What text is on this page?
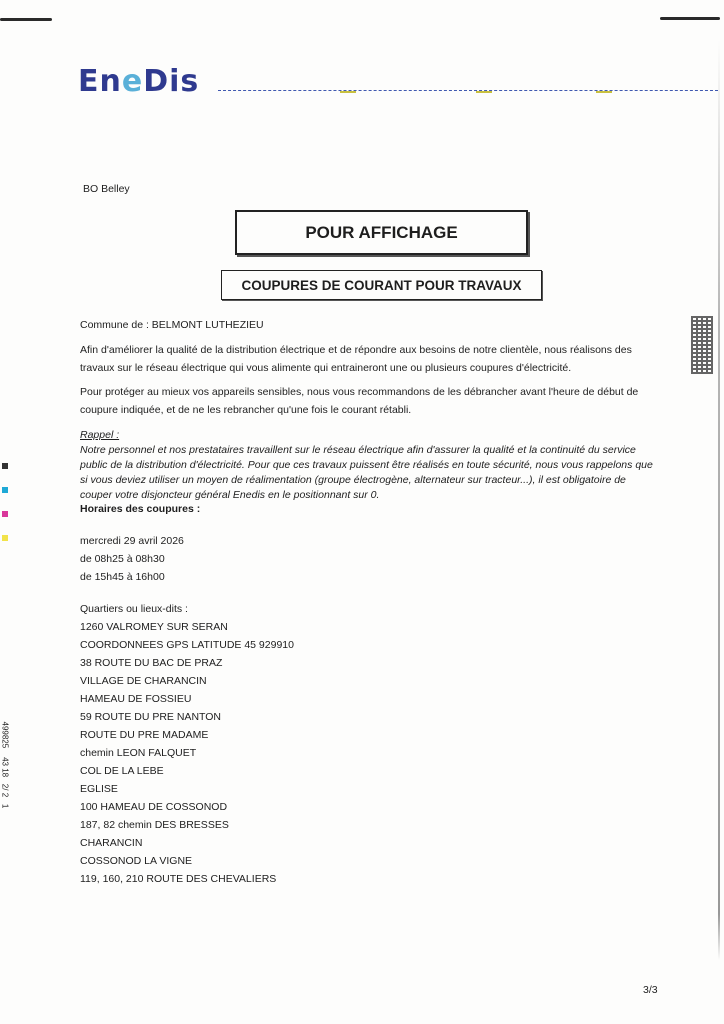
EneDis
BO Belley
POUR AFFICHAGE
COUPURES DE COURANT POUR TRAVAUX
Commune de : BELMONT LUTHEZIEU
Afin d'améliorer la qualité de la distribution électrique et de répondre aux besoins de notre clientèle, nous réalisons des travaux sur le réseau électrique qui vous alimente qui entraineront une ou plusieurs coupures d'électricité.
Pour protéger au mieux vos appareils sensibles, nous vous recommandons de les débrancher avant l'heure de début de coupure indiquée, et de ne les rebrancher qu'une fois le courant rétabli.
Rappel :
Notre personnel et nos prestataires travaillent sur le réseau électrique afin d'assurer la qualité et la continuité du service public de la distribution d'électricité. Pour que ces travaux puissent être réalisés en toute sécurité, nous vous rappelons que si vous deviez utiliser un moyen de réalimentation (groupe électrogène, alternateur sur tracteur...), il est obligatoire de couper votre disjoncteur général Enedis en le positionnant sur 0.
Horaires des coupures :
mercredi 29 avril 2026
de 08h25 à 08h30
de 15h45 à 16h00
Quartiers ou lieux-dits :
1260 VALROMEY SUR SERAN
COORDONNEES GPS LATITUDE 45 929910
38 ROUTE DU BAC DE PRAZ
VILLAGE DE CHARANCIN
HAMEAU DE FOSSIEU
59 ROUTE DU PRE NANTON
ROUTE DU PRE MADAME
chemin LEON FALQUET
COL DE LA LEBE
EGLISE
100 HAMEAU DE COSSONOD
187, 82 chemin DES BRESSES
CHARANCIN
COSSONOD LA VIGNE
119, 160, 210 ROUTE DES CHEVALIERS
499825    43 18   2/ 2   1
3/3
